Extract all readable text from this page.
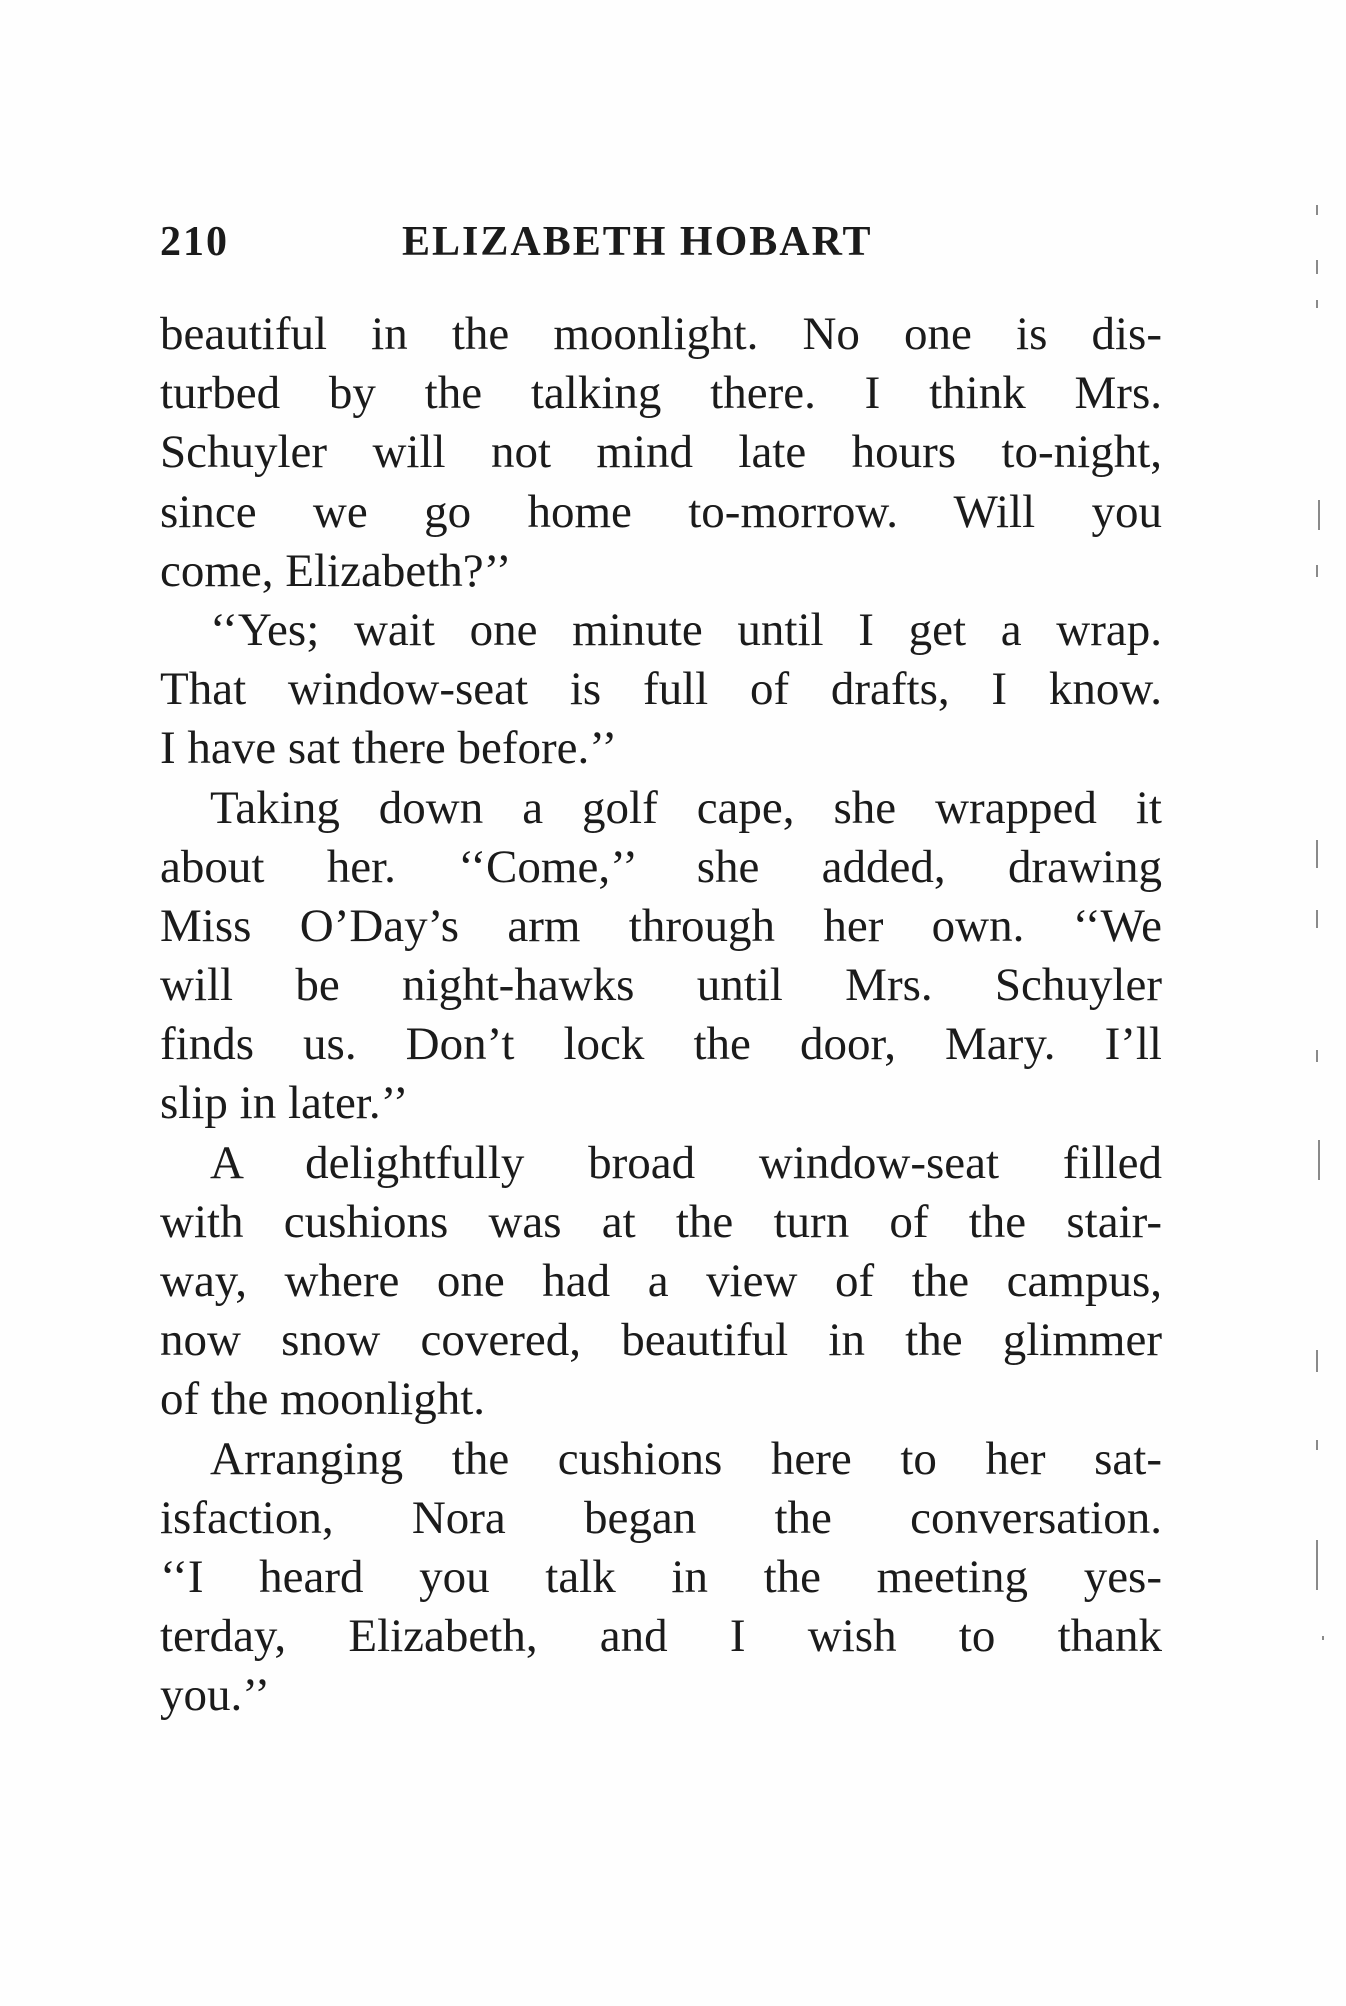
210	ELIZABETH HOBART
beautiful in the moonlight. No one is dis-
turbed by the talking there. I think Mrs.
Schuyler will not mind late hours to-night,
since we go home to-morrow. Will you
come, Elizabeth?’’
‘‘Yes; wait one minute until I get a wrap.
That window-seat is full of drafts, I know.
I have sat there before.’’
Taking down a golf cape, she wrapped it
about her. ‘‘Come,’’ she added, drawing
Miss O’Day’s arm through her own. ‘‘We
will be night-hawks until Mrs. Schuyler
finds us. Don’t lock the door, Mary. I’ll
slip in later.’’
A delightfully broad window-seat filled
with cushions was at the turn of the stair-
way, where one had a view of the campus,
now snow covered, beautiful in the glimmer
of the moonlight.
Arranging the cushions here to her sat-
isfaction, Nora began the conversation.
‘‘I heard you talk in the meeting yes-
terday, Elizabeth, and I wish to thank
you.’’
